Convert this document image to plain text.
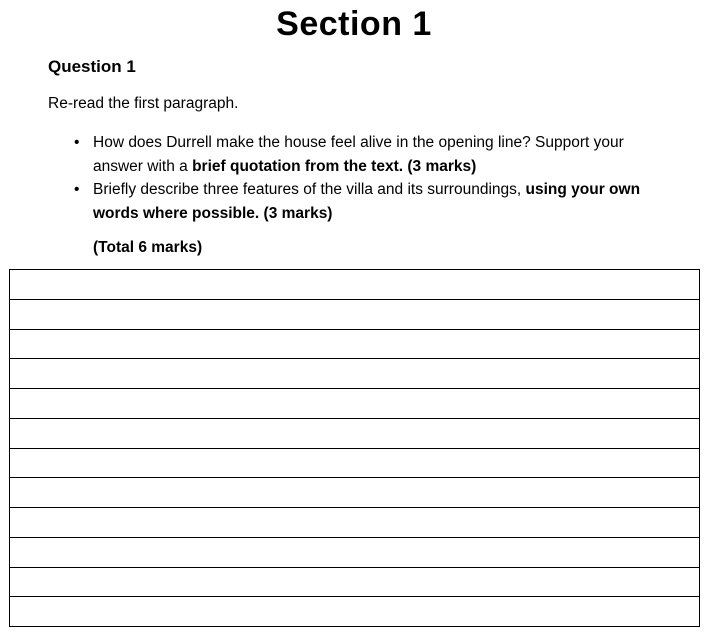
Section 1
Question 1

Re-read the first paragraph.

• How does Durrell make the house feel alive in the opening line? Support your
answer with a brief quotation from the text. (3 marks)
• Briefly describe three features of the villa and its surroundings, using your own
words where possible. (3 marks)

(Total 6 marks)
